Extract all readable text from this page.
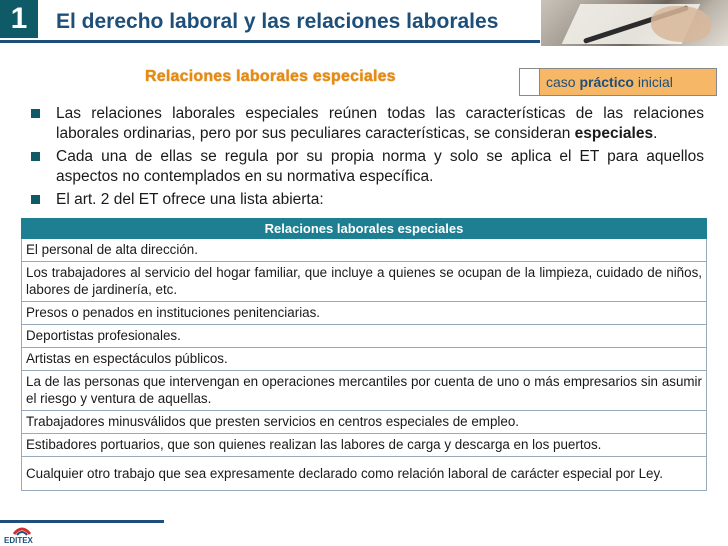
1	El derecho laboral y las relaciones laborales
Relaciones laborales especiales	caso práctico inicial
Las relaciones laborales especiales reúnen todas las características de las relaciones laborales ordinarias, pero por sus peculiares características, se consideran especiales.
Cada una de ellas se regula por su propia norma y solo se aplica el ET para aquellos aspectos no contemplados en su normativa específica.
El art. 2 del ET ofrece una lista abierta:
Relaciones laborales especiales
El personal de alta dirección.
Los trabajadores al servicio del hogar familiar, que incluye a quienes se ocupan de la limpieza, cuidado de niños, labores de jardinería, etc.
Presos o penados en instituciones penitenciarias.
Deportistas profesionales.
Artistas en espectáculos públicos.
La de las personas que intervengan en operaciones mercantiles por cuenta de uno o más empresarios sin asumir el riesgo y ventura de aquellas.
Trabajadores minusválidos que presten servicios en centros especiales de empleo.
Estibadores portuarios, que son quienes realizan las labores de carga y descarga en los puertos.
Cualquier otro trabajo que sea expresamente declarado como relación laboral de carácter especial por Ley.
EDITEX
